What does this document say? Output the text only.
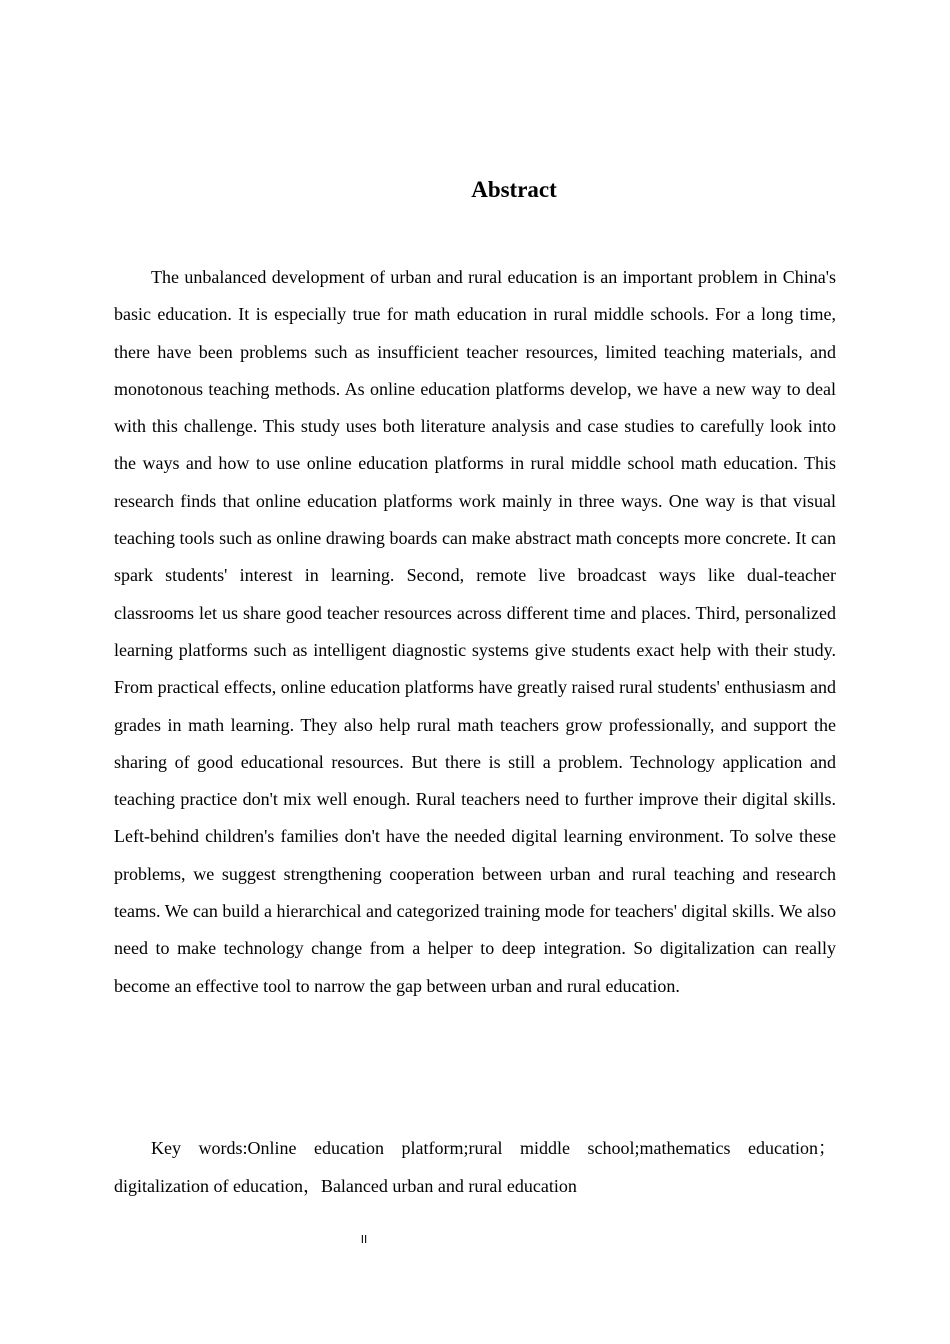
Abstract

The unbalanced development of urban and rural education is an important problem in China's basic education. It is especially true for math education in rural middle schools. For a long time, there have been problems such as insufficient teacher resources, limited teaching materials, and monotonous teaching methods. As online education platforms develop, we have a new way to deal with this challenge. This study uses both literature analysis and case studies to carefully look into the ways and how to use online education platforms in rural middle school math education. This research finds that online education platforms work mainly in three ways. One way is that visual teaching tools such as online drawing boards can make abstract math concepts more concrete. It can spark students' interest in learning. Second, remote live broadcast ways like dual-teacher classrooms let us share good teacher resources across different time and places. Third, personalized learning platforms such as intelligent diagnostic systems give students exact help with their study. From practical effects, online education platforms have greatly raised rural students' enthusiasm and grades in math learning. They also help rural math teachers grow professionally, and support the sharing of good educational resources. But there is still a problem. Technology application and teaching practice don't mix well enough. Rural teachers need to further improve their digital skills. Left-behind children's families don't have the needed digital learning environment. To solve these problems, we suggest strengthening cooperation between urban and rural teaching and research teams. We can build a hierarchical and categorized training mode for teachers' digital skills. We also need to make technology change from a helper to deep integration. So digitalization can really become an effective tool to narrow the gap between urban and rural education.

Key words:Online education platform;rural middle school;mathematics education；digitalization of education，Balanced urban and rural education

II
